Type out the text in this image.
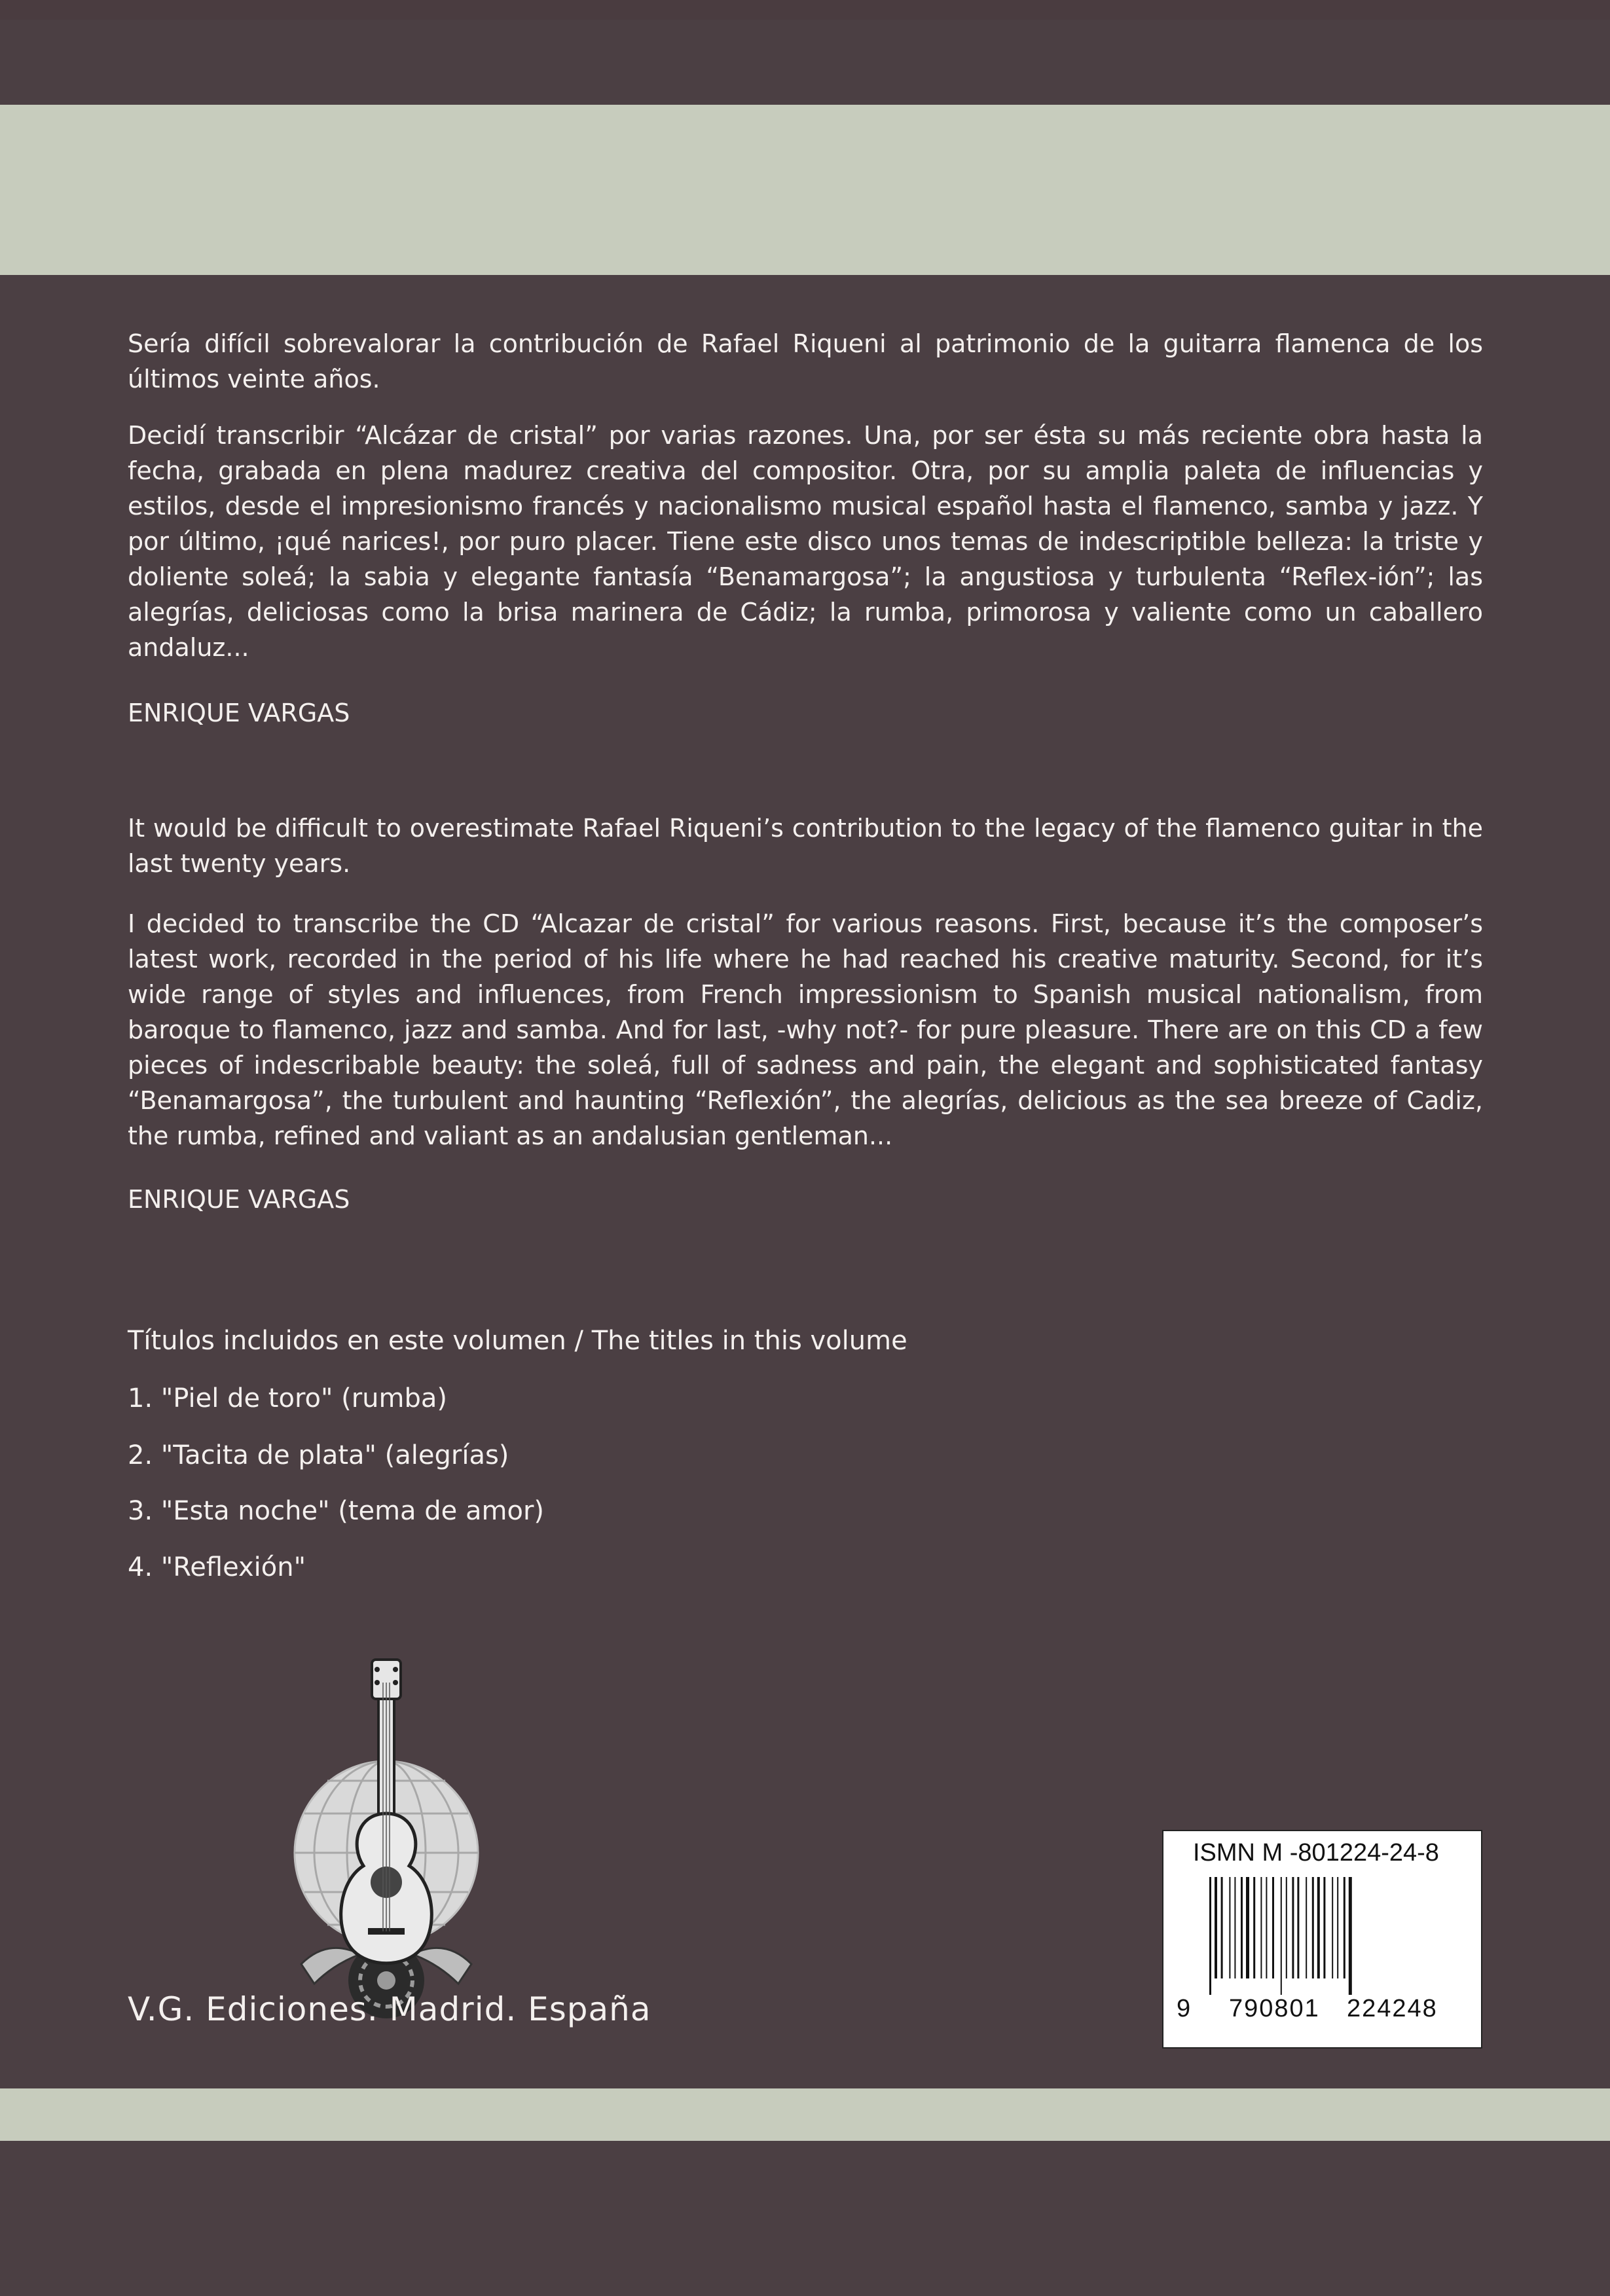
Sería difícil sobrevalorar la contribución de Rafael Riqueni al patrimonio de la guitarra flamenca de los últimos veinte años.
Decidí transcribir “Alcázar de cristal” por varias razones. Una, por ser ésta su más reciente obra hasta la fecha, grabada en plena madurez creativa del compositor. Otra, por su amplia paleta de influencias y estilos, desde el impresionismo francés y nacionalismo musical español hasta el flamenco, samba y jazz. Y por último, ¡qué narices!, por puro placer. Tiene este disco unos temas de indescriptible belleza: la triste y doliente soleá; la sabia y elegante fantasía “Benamargosa”; la angustiosa y turbulenta “Reflex-ión”; las alegrías, deliciosas como la brisa marinera de Cádiz; la rumba, primorosa y valiente como un caballero andaluz...
ENRIQUE VARGAS
It would be difficult to overestimate Rafael Riqueni’s contribution to the legacy of the flamenco guitar in the last twenty years.
I decided to transcribe the CD “Alcazar de cristal” for various reasons. First, because it’s the composer’s latest work, recorded in the period of his life where he had reached his creative maturity. Second, for it’s wide range of styles and influences, from French impressionism to Spanish musical nationalism, from baroque to flamenco, jazz and samba. And for last, -why not?- for pure pleasure. There are on this CD a few pieces of indescribable beauty: the soleá, full of sadness and pain, the elegant and sophisticated fantasy “Benamargosa”, the turbulent and haunting “Reflexión”, the alegrías, delicious as the sea breeze of Cadiz, the rumba, refined and valiant as an andalusian gentleman...
ENRIQUE VARGAS
Títulos incluidos en este volumen / The titles in this volume
1. "Piel de toro" (rumba)
2. "Tacita de plata" (alegrías)
3. "Esta noche" (tema de amor)
4. "Reflexión"
V.G. Ediciones. Madrid. España
ISMN M -801224-24-8
9 790801 224248
